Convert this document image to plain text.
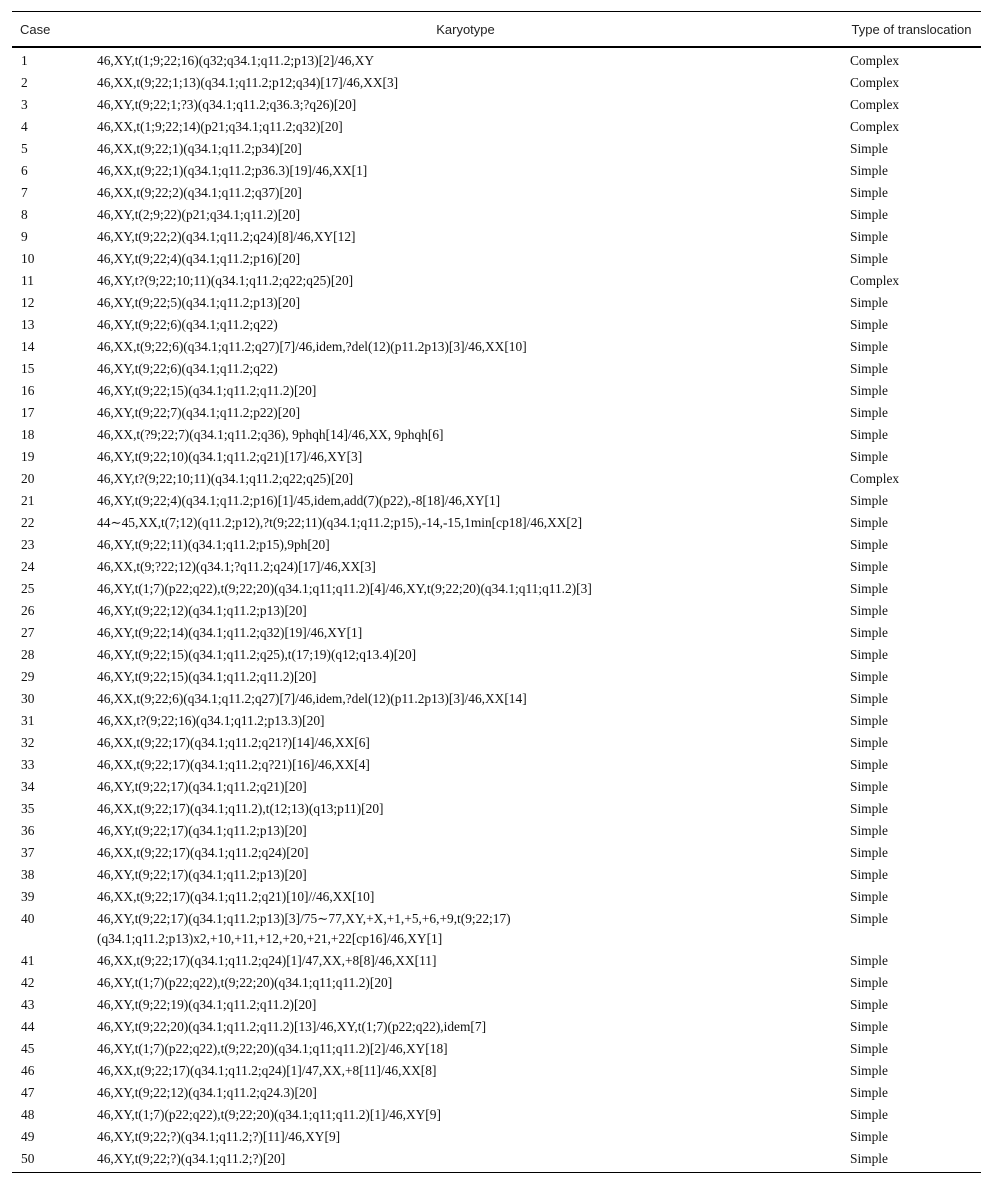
Case	Karyotype	Type of translocation
1	46,XY,t(1;9;22;16)(q32;q34.1;q11.2;p13)[2]/46,XY	Complex
2	46,XX,t(9;22;1;13)(q34.1;q11.2;p12;q34)[17]/46,XX[3]	Complex
3	46,XY,t(9;22;1;?3)(q34.1;q11.2;q36.3;?q26)[20]	Complex
4	46,XX,t(1;9;22;14)(p21;q34.1;q11.2;q32)[20]	Complex
5	46,XX,t(9;22;1)(q34.1;q11.2;p34)[20]	Simple
6	46,XX,t(9;22;1)(q34.1;q11.2;p36.3)[19]/46,XX[1]	Simple
7	46,XX,t(9;22;2)(q34.1;q11.2;q37)[20]	Simple
8	46,XY,t(2;9;22)(p21;q34.1;q11.2)[20]	Simple
9	46,XY,t(9;22;2)(q34.1;q11.2;q24)[8]/46,XY[12]	Simple
10	46,XY,t(9;22;4)(q34.1;q11.2;p16)[20]	Simple
11	46,XY,t?(9;22;10;11)(q34.1;q11.2;q22;q25)[20]	Complex
12	46,XY,t(9;22;5)(q34.1;q11.2;p13)[20]	Simple
13	46,XY,t(9;22;6)(q34.1;q11.2;q22)	Simple
14	46,XX,t(9;22;6)(q34.1;q11.2;q27)[7]/46,idem,?del(12)(p11.2p13)[3]/46,XX[10]	Simple
15	46,XY,t(9;22;6)(q34.1;q11.2;q22)	Simple
16	46,XY,t(9;22;15)(q34.1;q11.2;q11.2)[20]	Simple
17	46,XY,t(9;22;7)(q34.1;q11.2;p22)[20]	Simple
18	46,XX,t(?9;22;7)(q34.1;q11.2;q36), 9phqh[14]/46,XX, 9phqh[6]	Simple
19	46,XY,t(9;22;10)(q34.1;q11.2;q21)[17]/46,XY[3]	Simple
20	46,XY,t?(9;22;10;11)(q34.1;q11.2;q22;q25)[20]	Complex
21	46,XY,t(9;22;4)(q34.1;q11.2;p16)[1]/45,idem,add(7)(p22),-8[18]/46,XY[1]	Simple
22	44∼45,XX,t(7;12)(q11.2;p12),?t(9;22;11)(q34.1;q11.2;p15),-14,-15,1min[cp18]/46,XX[2]	Simple
23	46,XY,t(9;22;11)(q34.1;q11.2;p15),9ph[20]	Simple
24	46,XX,t(9;?22;12)(q34.1;?q11.2;q24)[17]/46,XX[3]	Simple
25	46,XY,t(1;7)(p22;q22),t(9;22;20)(q34.1;q11;q11.2)[4]/46,XY,t(9;22;20)(q34.1;q11;q11.2)[3]	Simple
26	46,XY,t(9;22;12)(q34.1;q11.2;p13)[20]	Simple
27	46,XY,t(9;22;14)(q34.1;q11.2;q32)[19]/46,XY[1]	Simple
28	46,XY,t(9;22;15)(q34.1;q11.2;q25),t(17;19)(q12;q13.4)[20]	Simple
29	46,XY,t(9;22;15)(q34.1;q11.2;q11.2)[20]	Simple
30	46,XX,t(9;22;6)(q34.1;q11.2;q27)[7]/46,idem,?del(12)(p11.2p13)[3]/46,XX[14]	Simple
31	46,XX,t?(9;22;16)(q34.1;q11.2;p13.3)[20]	Simple
32	46,XX,t(9;22;17)(q34.1;q11.2;q21?)[14]/46,XX[6]	Simple
33	46,XX,t(9;22;17)(q34.1;q11.2;q?21)[16]/46,XX[4]	Simple
34	46,XY,t(9;22;17)(q34.1;q11.2;q21)[20]	Simple
35	46,XX,t(9;22;17)(q34.1;q11.2),t(12;13)(q13;p11)[20]	Simple
36	46,XY,t(9;22;17)(q34.1;q11.2;p13)[20]	Simple
37	46,XX,t(9;22;17)(q34.1;q11.2;q24)[20]	Simple
38	46,XY,t(9;22;17)(q34.1;q11.2;p13)[20]	Simple
39	46,XX,t(9;22;17)(q34.1;q11.2;q21)[10]//46,XX[10]	Simple
40	46,XY,t(9;22;17)(q34.1;q11.2;p13)[3]/75∼77,XY,+X,+1,+5,+6,+9,t(9;22;17)
(q34.1;q11.2;p13)x2,+10,+11,+12,+20,+21,+22[cp16]/46,XY[1]	Simple
41	46,XX,t(9;22;17)(q34.1;q11.2;q24)[1]/47,XX,+8[8]/46,XX[11]	Simple
42	46,XY,t(1;7)(p22;q22),t(9;22;20)(q34.1;q11;q11.2)[20]	Simple
43	46,XY,t(9;22;19)(q34.1;q11.2;q11.2)[20]	Simple
44	46,XY,t(9;22;20)(q34.1;q11.2;q11.2)[13]/46,XY,t(1;7)(p22;q22),idem[7]	Simple
45	46,XY,t(1;7)(p22;q22),t(9;22;20)(q34.1;q11;q11.2)[2]/46,XY[18]	Simple
46	46,XX,t(9;22;17)(q34.1;q11.2;q24)[1]/47,XX,+8[11]/46,XX[8]	Simple
47	46,XY,t(9;22;12)(q34.1;q11.2;q24.3)[20]	Simple
48	46,XY,t(1;7)(p22;q22),t(9;22;20)(q34.1;q11;q11.2)[1]/46,XY[9]	Simple
49	46,XY,t(9;22;?)(q34.1;q11.2;?)[11]/46,XY[9]	Simple
50	46,XY,t(9;22;?)(q34.1;q11.2;?)[20]	Simple
